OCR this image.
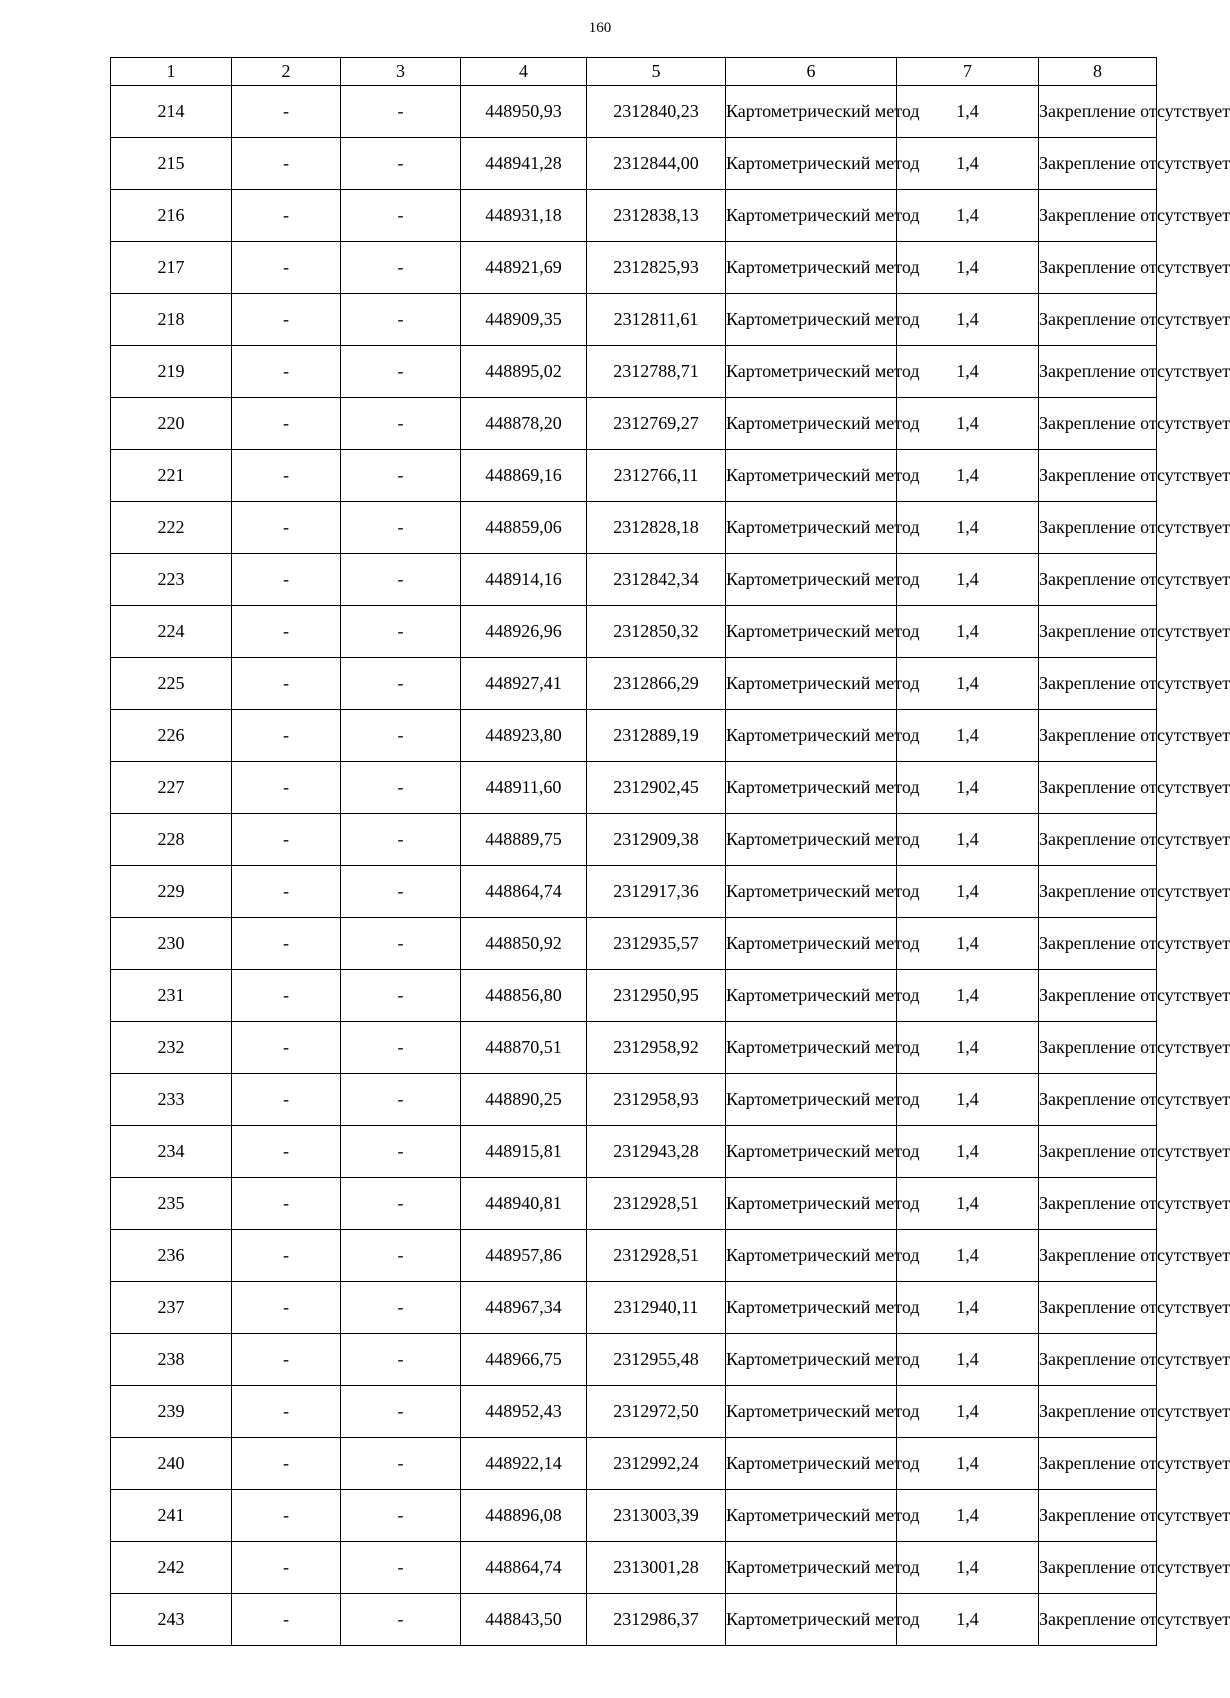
160
1	2	3	4	5	6	7	8
214	-	-	448950,93	2312840,23	Картометрический метод	1,4	Закрепление отсутствует
215	-	-	448941,28	2312844,00	Картометрический метод	1,4	Закрепление отсутствует
216	-	-	448931,18	2312838,13	Картометрический метод	1,4	Закрепление отсутствует
217	-	-	448921,69	2312825,93	Картометрический метод	1,4	Закрепление отсутствует
218	-	-	448909,35	2312811,61	Картометрический метод	1,4	Закрепление отсутствует
219	-	-	448895,02	2312788,71	Картометрический метод	1,4	Закрепление отсутствует
220	-	-	448878,20	2312769,27	Картометрический метод	1,4	Закрепление отсутствует
221	-	-	448869,16	2312766,11	Картометрический метод	1,4	Закрепление отсутствует
222	-	-	448859,06	2312828,18	Картометрический метод	1,4	Закрепление отсутствует
223	-	-	448914,16	2312842,34	Картометрический метод	1,4	Закрепление отсутствует
224	-	-	448926,96	2312850,32	Картометрический метод	1,4	Закрепление отсутствует
225	-	-	448927,41	2312866,29	Картометрический метод	1,4	Закрепление отсутствует
226	-	-	448923,80	2312889,19	Картометрический метод	1,4	Закрепление отсутствует
227	-	-	448911,60	2312902,45	Картометрический метод	1,4	Закрепление отсутствует
228	-	-	448889,75	2312909,38	Картометрический метод	1,4	Закрепление отсутствует
229	-	-	448864,74	2312917,36	Картометрический метод	1,4	Закрепление отсутствует
230	-	-	448850,92	2312935,57	Картометрический метод	1,4	Закрепление отсутствует
231	-	-	448856,80	2312950,95	Картометрический метод	1,4	Закрепление отсутствует
232	-	-	448870,51	2312958,92	Картометрический метод	1,4	Закрепление отсутствует
233	-	-	448890,25	2312958,93	Картометрический метод	1,4	Закрепление отсутствует
234	-	-	448915,81	2312943,28	Картометрический метод	1,4	Закрепление отсутствует
235	-	-	448940,81	2312928,51	Картометрический метод	1,4	Закрепление отсутствует
236	-	-	448957,86	2312928,51	Картометрический метод	1,4	Закрепление отсутствует
237	-	-	448967,34	2312940,11	Картометрический метод	1,4	Закрепление отсутствует
238	-	-	448966,75	2312955,48	Картометрический метод	1,4	Закрепление отсутствует
239	-	-	448952,43	2312972,50	Картометрический метод	1,4	Закрепление отсутствует
240	-	-	448922,14	2312992,24	Картометрический метод	1,4	Закрепление отсутствует
241	-	-	448896,08	2313003,39	Картометрический метод	1,4	Закрепление отсутствует
242	-	-	448864,74	2313001,28	Картометрический метод	1,4	Закрепление отсутствует
243	-	-	448843,50	2312986,37	Картометрический метод	1,4	Закрепление отсутствует
